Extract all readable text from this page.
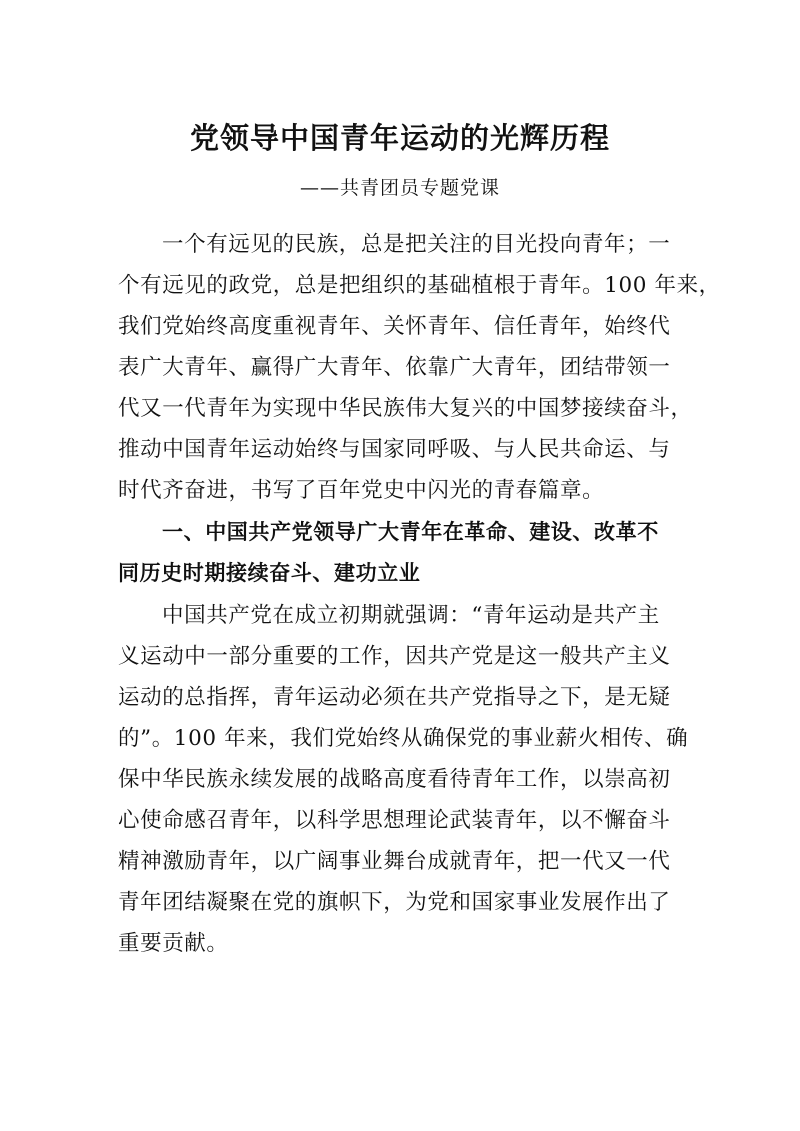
党领导中国青年运动的光辉历程
——共青团员专题党课
一个有远见的民族，总是把关注的目光投向青年；一
个有远见的政党，总是把组织的基础植根于青年。100 年来，
我们党始终高度重视青年、关怀青年、信任青年，始终代
表广大青年、赢得广大青年、依靠广大青年，团结带领一
代又一代青年为实现中华民族伟大复兴的中国梦接续奋斗，
推动中国青年运动始终与国家同呼吸、与人民共命运、与
时代齐奋进，书写了百年党史中闪光的青春篇章。
一、中国共产党领导广大青年在革命、建设、改革不
同历史时期接续奋斗、建功立业
中国共产党在成立初期就强调：“青年运动是共产主
义运动中一部分重要的工作，因共产党是这一般共产主义
运动的总指挥，青年运动必须在共产党指导之下，是无疑
的”。100 年来，我们党始终从确保党的事业薪火相传、确
保中华民族永续发展的战略高度看待青年工作，以崇高初
心使命感召青年，以科学思想理论武装青年，以不懈奋斗
精神激励青年，以广阔事业舞台成就青年，把一代又一代
青年团结凝聚在党的旗帜下，为党和国家事业发展作出了
重要贡献。
